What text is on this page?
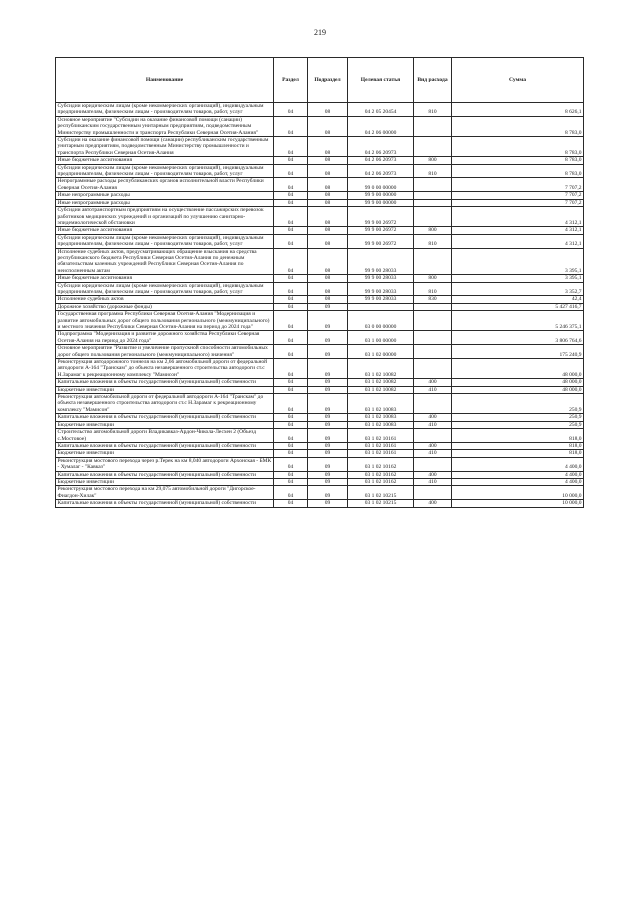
219
Наименование	Раздел	Подраздел	Целевая статья	Вид расхода	Сумма
Субсидии юридическим лицам (кроме некоммерческих организаций), индивидуальным предпринимателям, физическим лицам - производителям товаров, работ, услуг	04	08	04 2 05 20454	810	8 626,1
Основное мероприятие "Субсидии на оказание финансовой помощи (санации) республиканским государственным унитарным предприятиям, подведомственным Министерству промышленности и транспорта Республики Северная Осетия-Алания"	04	08	04 2 06 00000		8 783,0
Субсидии на оказание финансовой помощи (санации) республиканским государственным унитарным предприятиям, подведомственным Министерству промышленности и транспорта Республики Северная Осетия-Алания	04	08	04 2 06 20973		8 783,0
Иные бюджетные ассигнования	04	08	04 2 06 20973	800	8 783,0
Субсидии юридическим лицам (кроме некоммерческих организаций), индивидуальным предпринимателям, физическим лицам - производителям товаров, работ, услуг	04	08	04 2 06 20973	810	8 783,0
Непрограммные расходы республиканских органов исполнительной власти Республики Северная Осетия-Алания	04	08	99 0 00 00000		7 707,2
Иные непрограммные расходы	04	08	99 9 00 00000		7 707,2
Иные непрограммные расходы	04	08	99 9 00 00000		7 707,2
Субсидии автотранспортным предприятиям на осуществление пассажирских перевозок работников медицинских учреждений и организаций по улучшению санитарно-эпидемиологической обстановки	04	08	99 9 00 26972		4 312,1
Иные бюджетные ассигнования	04	08	99 9 00 26972	800	4 312,1
Субсидии юридическим лицам (кроме некоммерческих организаций), индивидуальным предпринимателям, физическим лицам - производителям товаров, работ, услуг	04	08	99 9 00 26972	810	4 312,1
Исполнение судебных актов, предусматривающих обращение взыскания на средства республиканского бюджета Республики Северная Осетия-Алания по денежным обязательствам казенных учреждений Республики Северная Осетия-Алания по неисполненным актам	04	08	99 9 00 28033		3 395,1
Иные бюджетные ассигнования	04	08	99 9 00 28033	800	3 395,1
Субсидии юридическим лицам (кроме некоммерческих организаций), индивидуальным предпринимателям, физическим лицам - производителям товаров, работ, услуг	04	08	99 9 00 28033	810	3 352,7
Исполнение судебных актов	04	08	99 9 00 28033	830	42,4
Дорожное хозяйство (дорожные фонды)	04	09			5 427 416,7
Государственная программа Республики Северная Осетия-Алания "Модернизация и развитие автомобильных дорог общего пользования регионального (межмуниципального) и местного значения Республики Северная Осетия-Алания на период до 2024 года"	04	09	03 0 00 00000		5 246 375,1
Подпрограмма "Модернизация и развитие дорожного хозяйства Республики Северная Осетия-Алания на период до 2024 года"	04	09	03 1 00 00000		3 806 764,6
Основное мероприятие "Развитие и увеличение пропускной способности автомобильных дорог общего пользования регионального (межмуниципального) значения"	04	09	03 1 02 00000		175 240,9
Реконструкция автодорожного тоннеля на км 2,66 автомобильной дороги от федеральной автодороги А-164 "Транскам" до объекта незавершенного строительства автодороги ст.с Н.Зарамаг к рекреационному комплексу "Мамисон"	04	09	03 1 02 10082		48 000,0
Капитальные вложения в объекты государственной (муниципальной) собственности	04	09	03 1 02 10082	400	48 000,0
Бюджетные инвестиции	04	09	03 1 02 10082	410	48 000,0
Реконструкция автомобильной дороги от федеральной автодороги А-164 "Транскам" до объекта незавершенного строительства автодороги ст.с Н.Зарамаг к рекреационному комплексу "Мамисон"	04	09	03 1 02 10083		250,9
Капитальные вложения в объекты государственной (муниципальной) собственности	04	09	03 1 02 10083	400	250,9
Бюджетные инвестиции	04	09	03 1 02 10083	410	250,9
Строительство автомобильной дороги Владикавказ-Ардон-Чикола-Лесхен 2 (Объезд с.Мостовое)	04	09	03 1 02 10161		818,0
Капитальные вложения в объекты государственной (муниципальной) собственности	04	09	03 1 02 10161	400	818,0
Бюджетные инвестиции	04	09	03 1 02 10161	410	818,0
Реконструкция мостового перехода через р.Терек на км 8,040 автодороги Архонская - БМК - Хумалаг - "Кавказ"	04	09	03 1 02 10162		4 400,0
Капитальные вложения в объекты государственной (муниципальной) собственности	04	09	03 1 02 10162	400	4 400,0
Бюджетные инвестиции	04	09	03 1 02 10162	410	4 400,0
Реконструкция мостового перехода на км 29,075 автомобильной дороги "Дигорское-Фиагдон-Хилак"	04	09	03 1 02 10215		10 000,0
Капитальные вложения в объекты государственной (муниципальной) собственности	04	09	03 1 02 10215	400	10 000,0
